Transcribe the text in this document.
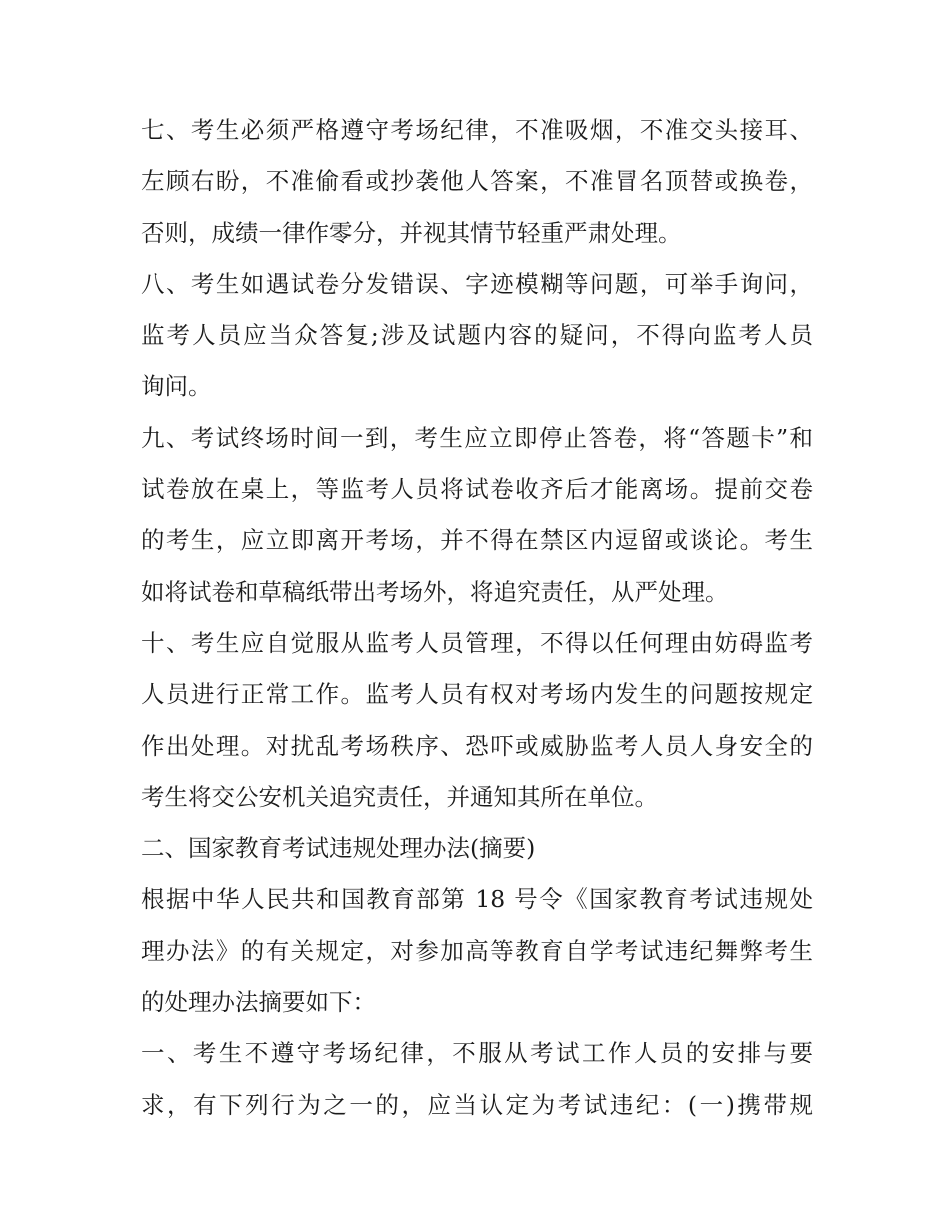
七、考生必须严格遵守考场纪律，不准吸烟，不准交头接耳、
左顾右盼，不准偷看或抄袭他人答案，不准冒名顶替或换卷，
否则，成绩一律作零分，并视其情节轻重严肃处理。
八、考生如遇试卷分发错误、字迹模糊等问题，可举手询问，
监考人员应当众答复;涉及试题内容的疑问，不得向监考人员
询问。
九、考试终场时间一到，考生应立即停止答卷，将“答题卡”和
试卷放在桌上，等监考人员将试卷收齐后才能离场。提前交卷
的考生，应立即离开考场，并不得在禁区内逗留或谈论。考生
如将试卷和草稿纸带出考场外，将追究责任，从严处理。
十、考生应自觉服从监考人员管理，不得以任何理由妨碍监考
人员进行正常工作。监考人员有权对考场内发生的问题按规定
作出处理。对扰乱考场秩序、恐吓或威胁监考人员人身安全的
考生将交公安机关追究责任，并通知其所在单位。
二、国家教育考试违规处理办法(摘要)
根据中华人民共和国教育部第 18 号令《国家教育考试违规处
理办法》的有关规定，对参加高等教育自学考试违纪舞弊考生
的处理办法摘要如下：
一、考生不遵守考场纪律，不服从考试工作人员的安排与要
求，有下列行为之一的，应当认定为考试违纪：(一)携带规
